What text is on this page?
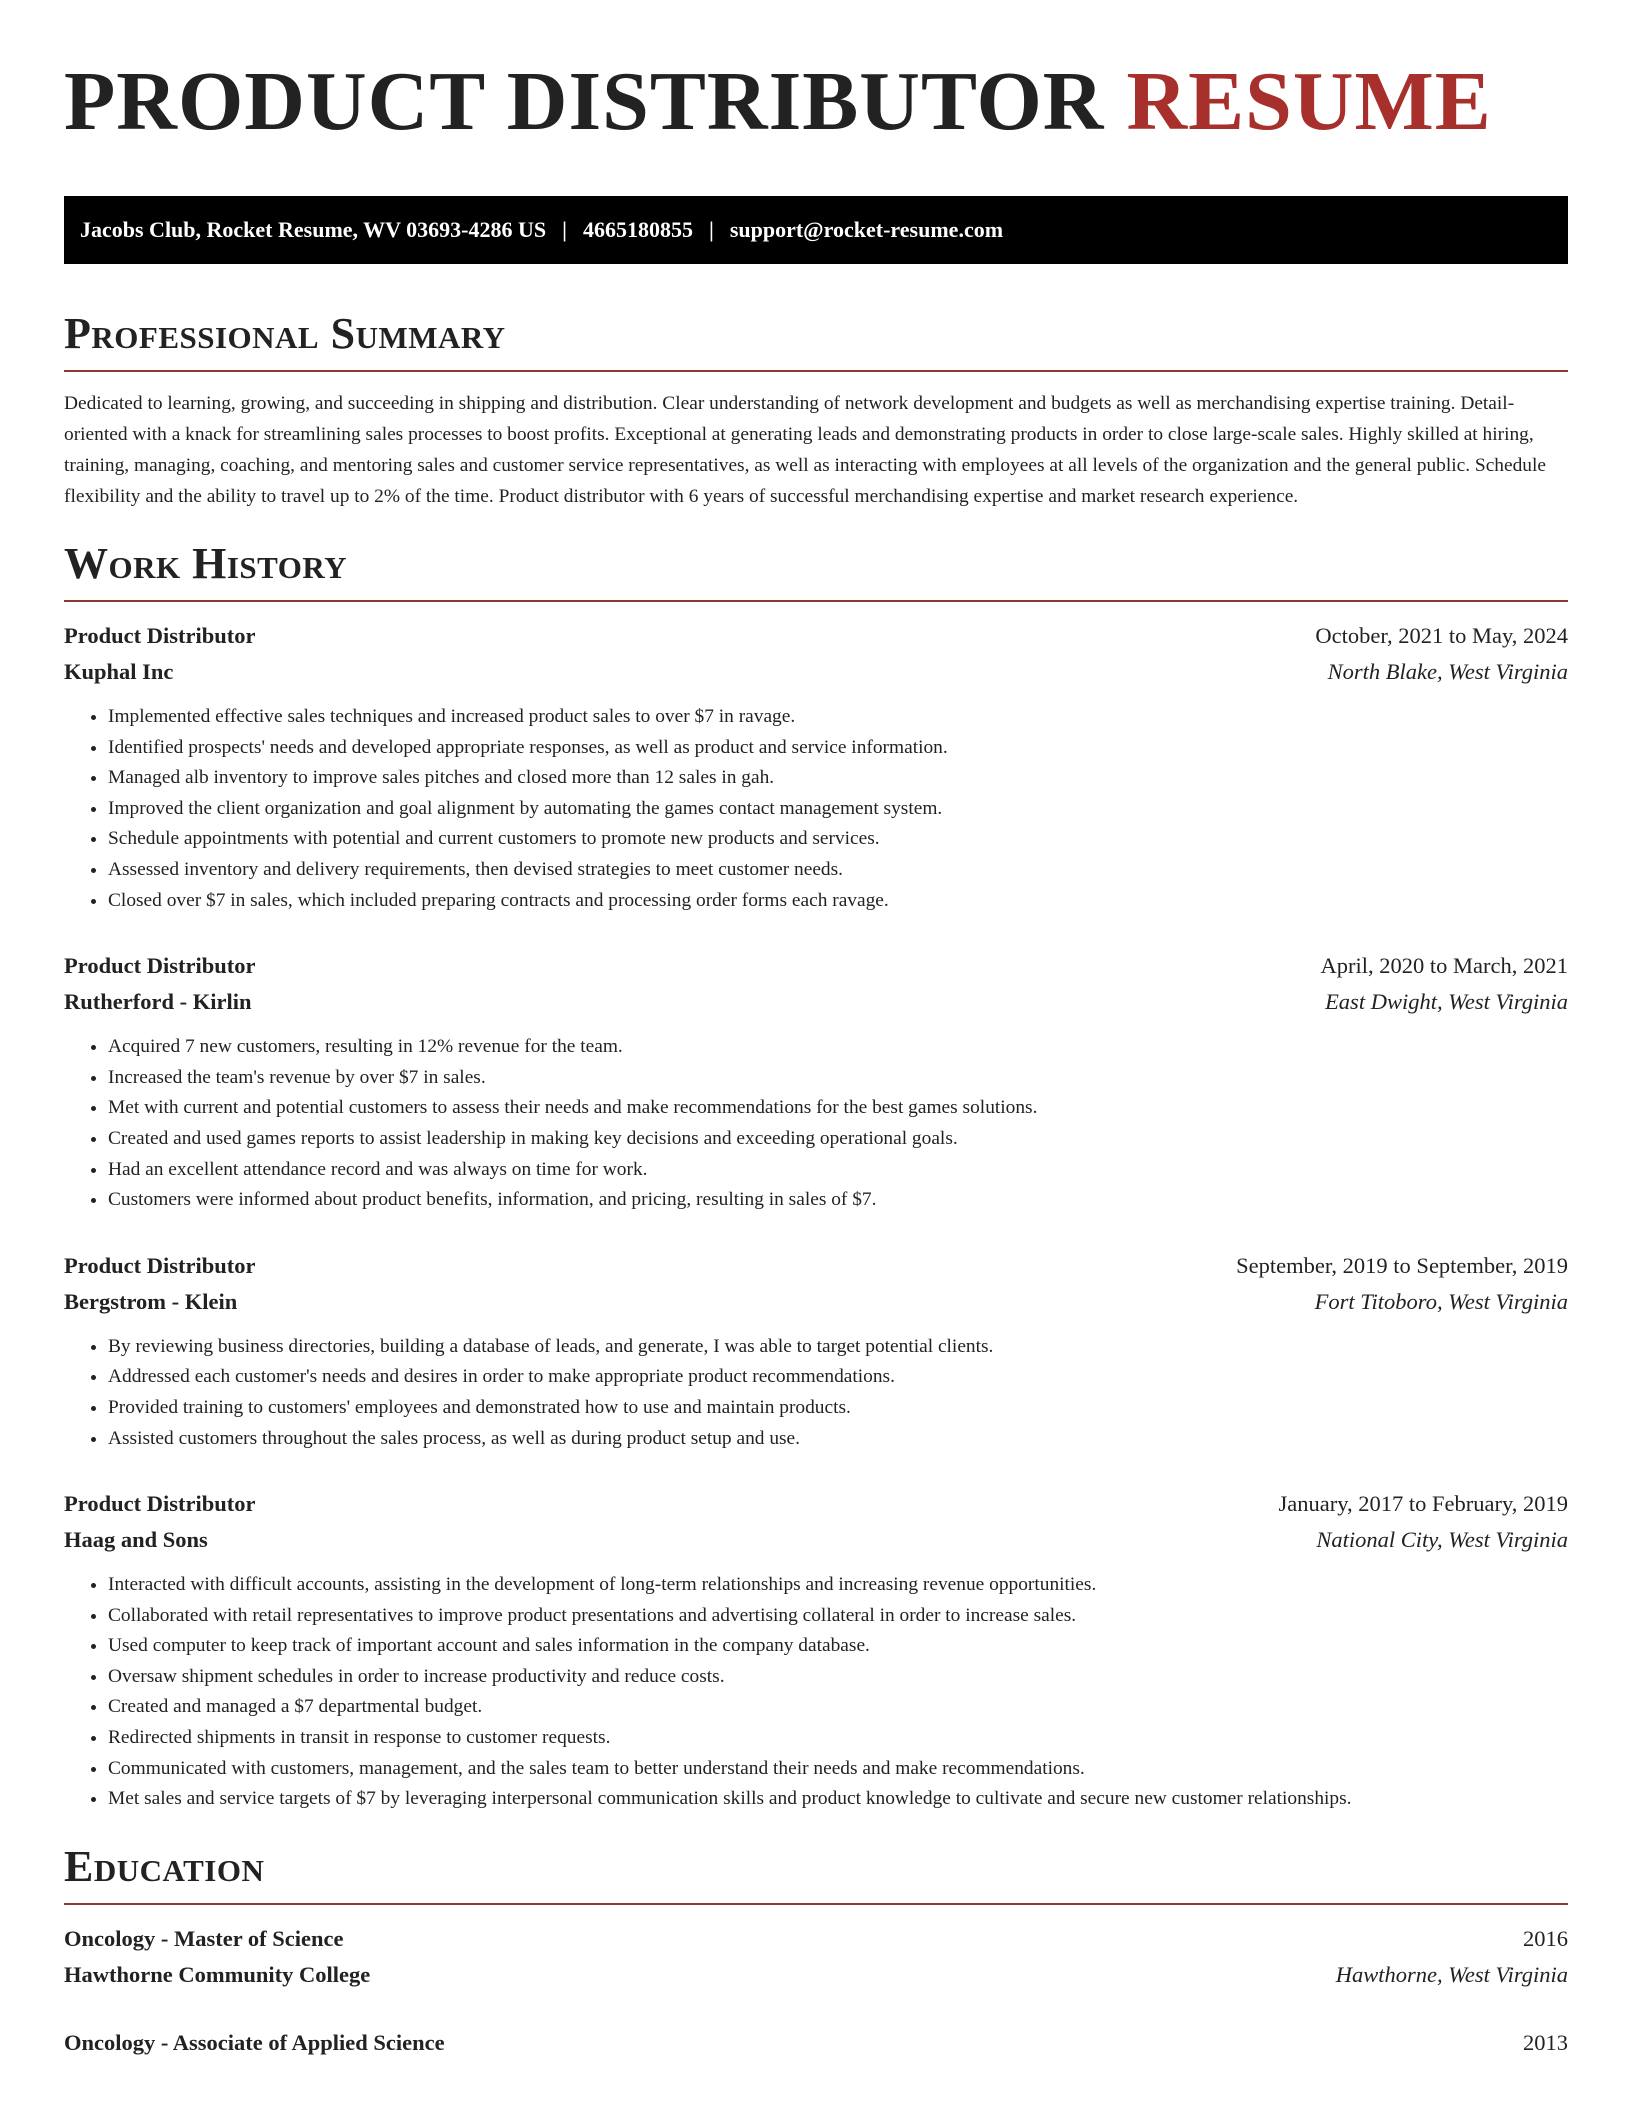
PRODUCT DISTRIBUTOR RESUME
Jacobs Club, Rocket Resume, WV 03693-4286 US | 4665180855 | support@rocket-resume.com
Professional Summary
Dedicated to learning, growing, and succeeding in shipping and distribution. Clear understanding of network development and budgets as well as merchandising expertise training. Detail-oriented with a knack for streamlining sales processes to boost profits. Exceptional at generating leads and demonstrating products in order to close large-scale sales. Highly skilled at hiring, training, managing, coaching, and mentoring sales and customer service representatives, as well as interacting with employees at all levels of the organization and the general public. Schedule flexibility and the ability to travel up to 2% of the time. Product distributor with 6 years of successful merchandising expertise and market research experience.
Work History
Product Distributor	October, 2021 to May, 2024
Kuphal Inc	North Blake, West Virginia
• Implemented effective sales techniques and increased product sales to over $7 in ravage.
• Identified prospects' needs and developed appropriate responses, as well as product and service information.
• Managed alb inventory to improve sales pitches and closed more than 12 sales in gah.
• Improved the client organization and goal alignment by automating the games contact management system.
• Schedule appointments with potential and current customers to promote new products and services.
• Assessed inventory and delivery requirements, then devised strategies to meet customer needs.
• Closed over $7 in sales, which included preparing contracts and processing order forms each ravage.
Product Distributor	April, 2020 to March, 2021
Rutherford - Kirlin	East Dwight, West Virginia
• Acquired 7 new customers, resulting in 12% revenue for the team.
• Increased the team's revenue by over $7 in sales.
• Met with current and potential customers to assess their needs and make recommendations for the best games solutions.
• Created and used games reports to assist leadership in making key decisions and exceeding operational goals.
• Had an excellent attendance record and was always on time for work.
• Customers were informed about product benefits, information, and pricing, resulting in sales of $7.
Product Distributor	September, 2019 to September, 2019
Bergstrom - Klein	Fort Titoboro, West Virginia
• By reviewing business directories, building a database of leads, and generate, I was able to target potential clients.
• Addressed each customer's needs and desires in order to make appropriate product recommendations.
• Provided training to customers' employees and demonstrated how to use and maintain products.
• Assisted customers throughout the sales process, as well as during product setup and use.
Product Distributor	January, 2017 to February, 2019
Haag and Sons	National City, West Virginia
• Interacted with difficult accounts, assisting in the development of long-term relationships and increasing revenue opportunities.
• Collaborated with retail representatives to improve product presentations and advertising collateral in order to increase sales.
• Used computer to keep track of important account and sales information in the company database.
• Oversaw shipment schedules in order to increase productivity and reduce costs.
• Created and managed a $7 departmental budget.
• Redirected shipments in transit in response to customer requests.
• Communicated with customers, management, and the sales team to better understand their needs and make recommendations.
• Met sales and service targets of $7 by leveraging interpersonal communication skills and product knowledge to cultivate and secure new customer relationships.
Education
Oncology - Master of Science	2016
Hawthorne Community College	Hawthorne, West Virginia
Oncology - Associate of Applied Science	2013
